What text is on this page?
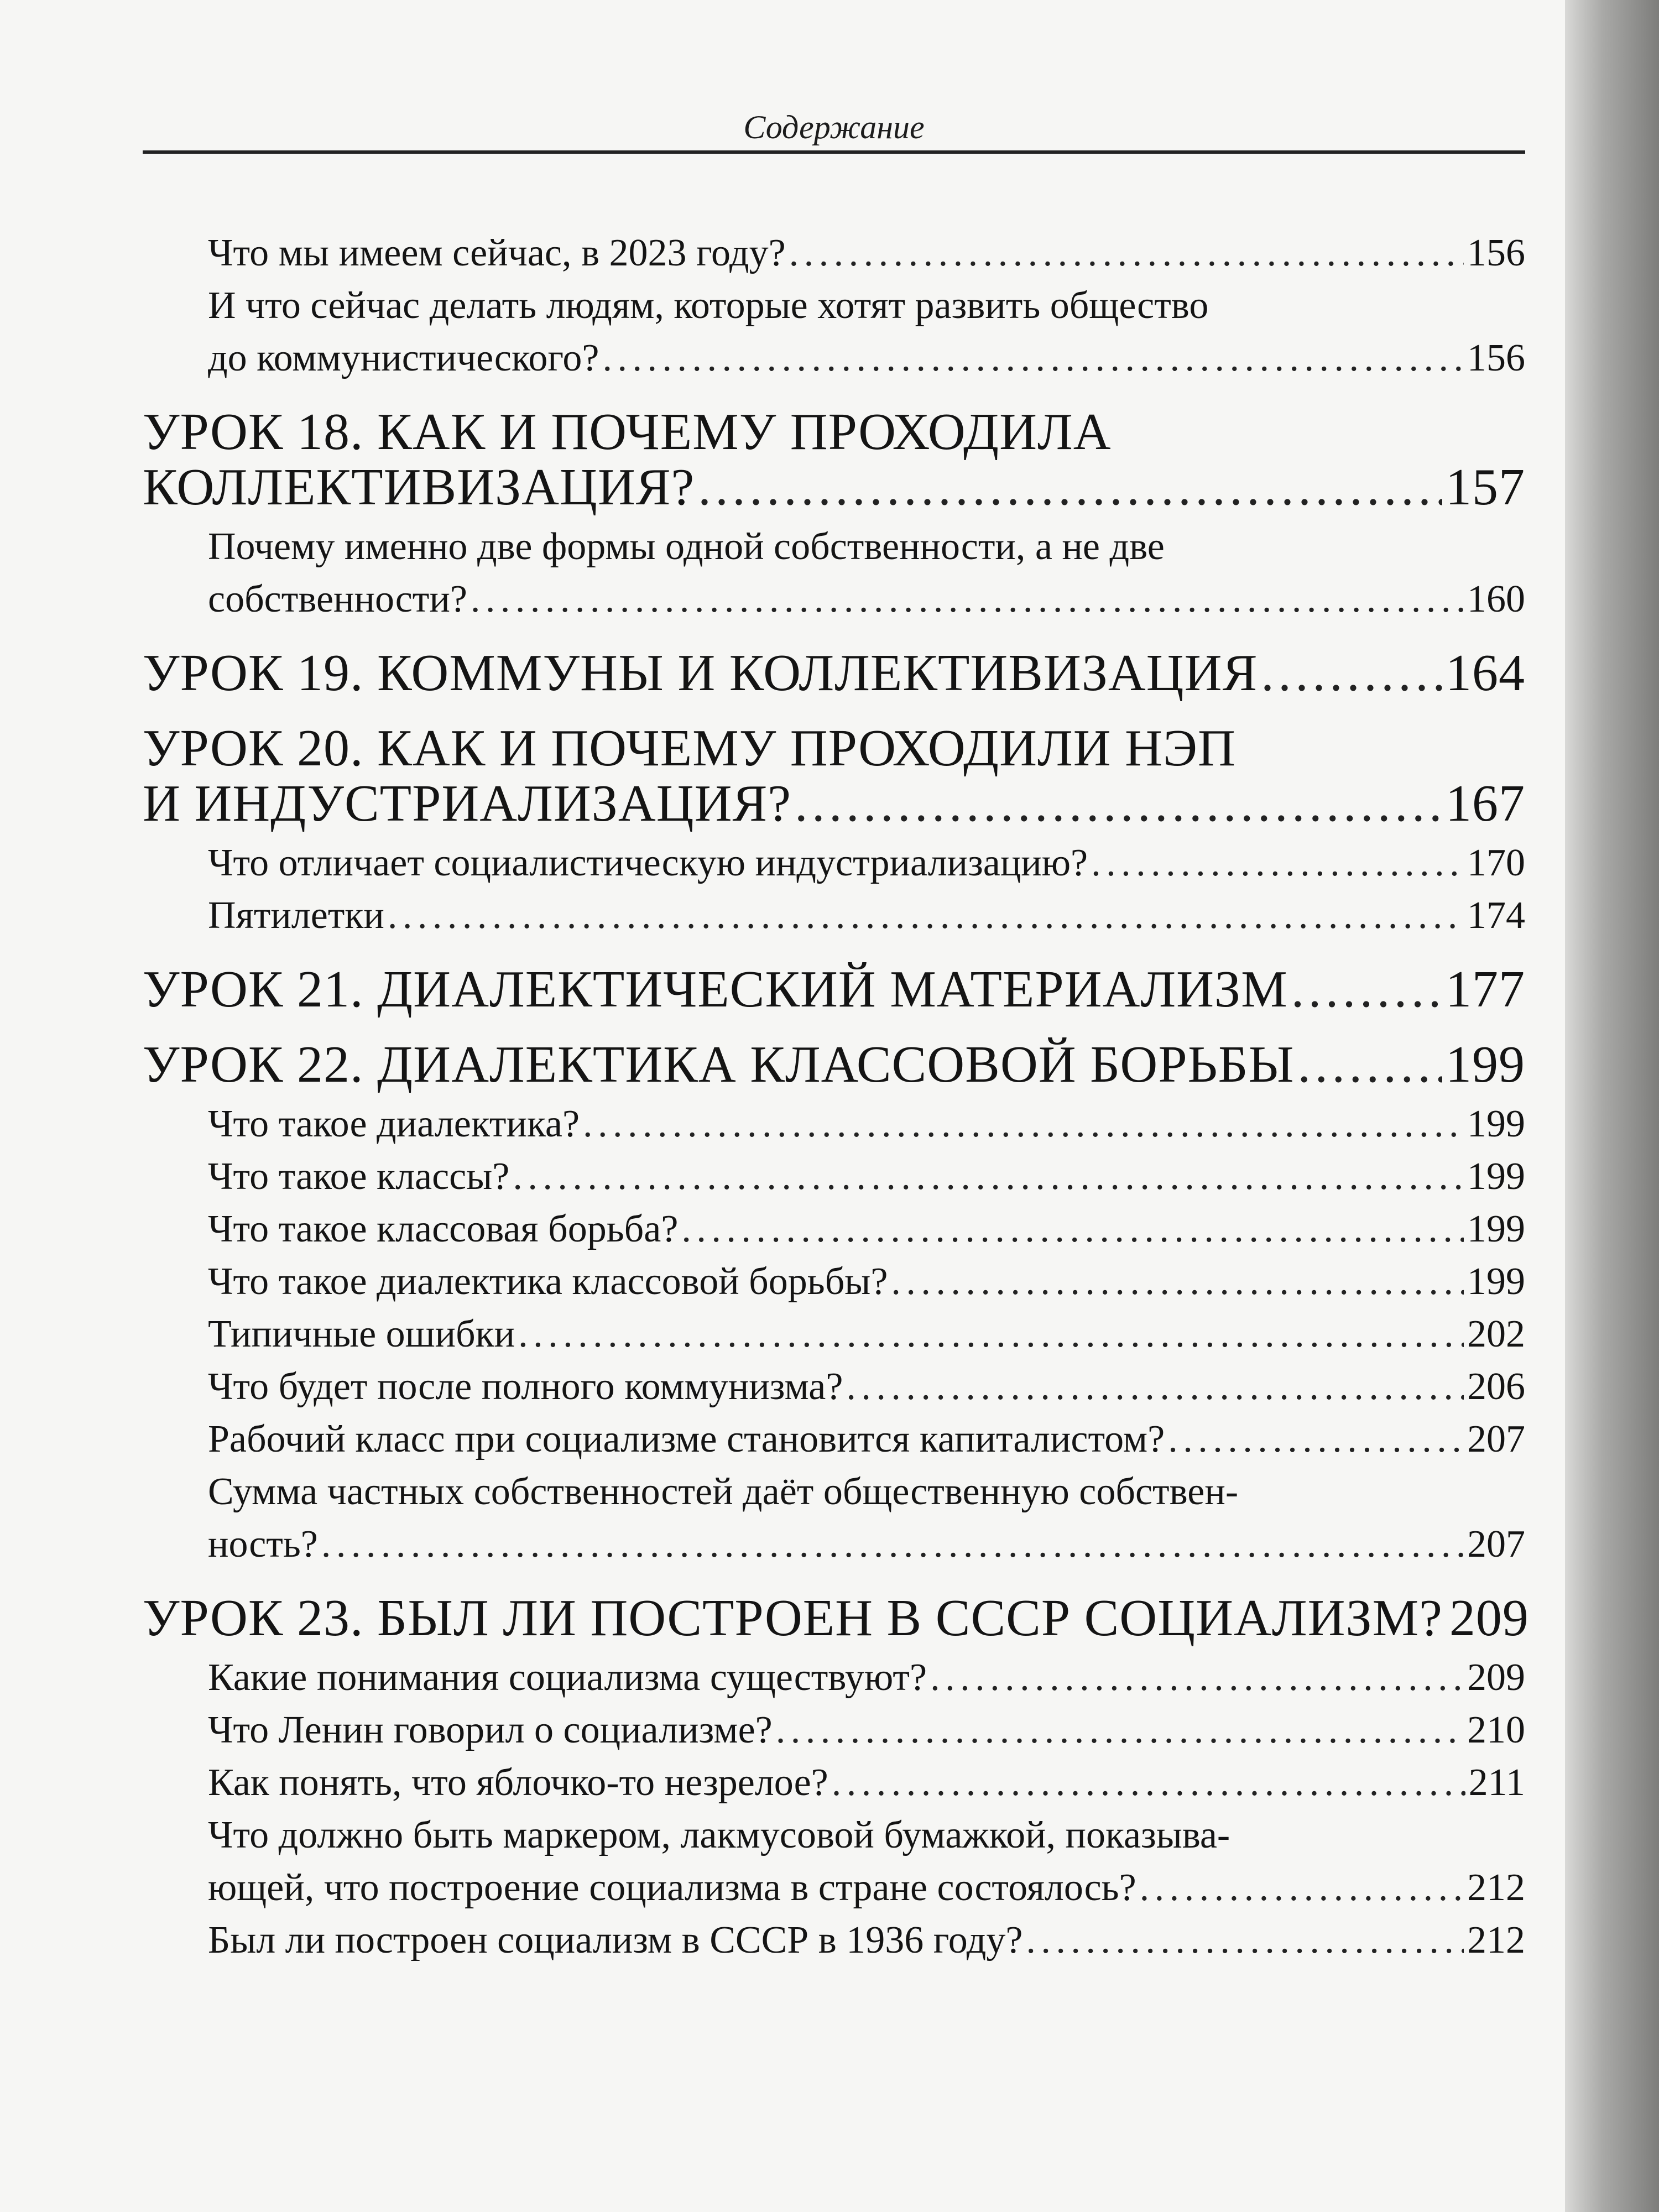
Содержание
Что мы имеем сейчас, в 2023 году? . . .	156
И что сейчас делать людям, которые хотят развить общество
до коммунистического? . . .	156
УРОК 18. КАК И ПОЧЕМУ ПРОХОДИЛА
КОЛЛЕКТИВИЗАЦИЯ? . . .	157
Почему именно две формы одной собственности, а не две
собственности? . . .	160
УРОК 19. КОММУНЫ И КОЛЛЕКТИВИЗАЦИЯ . . .	164
УРОК 20. КАК И ПОЧЕМУ ПРОХОДИЛИ НЭП
И ИНДУСТРИАЛИЗАЦИЯ? . . .	167
Что отличает социалистическую индустриализацию? . . .	170
Пятилетки . . .	174
УРОК 21. ДИАЛЕКТИЧЕСКИЙ МАТЕРИАЛИЗМ . . .	177
УРОК 22. ДИАЛЕКТИКА КЛАССОВОЙ БОРЬБЫ . . .	199
Что такое диалектика? . . .	199
Что такое классы? . . .	199
Что такое классовая борьба? . . .	199
Что такое диалектика классовой борьбы? . . .	199
Типичные ошибки . . .	202
Что будет после полного коммунизма? . . .	206
Рабочий класс при социализме становится капиталистом? . . .	207
Сумма частных собственностей даёт общественную собствен-
ность? . . .	207
УРОК 23. БЫЛ ЛИ ПОСТРОЕН В СССР СОЦИАЛИЗМ? 209
Какие понимания социализма существуют? . . .	209
Что Ленин говорил о социализме? . . .	210
Как понять, что яблочко-то незрелое? . . .	211
Что должно быть маркером, лакмусовой бумажкой, показыва-
ющей, что построение социализма в стране состоялось? . . .	212
Был ли построен социализм в СССР в 1936 году? . . .	212
